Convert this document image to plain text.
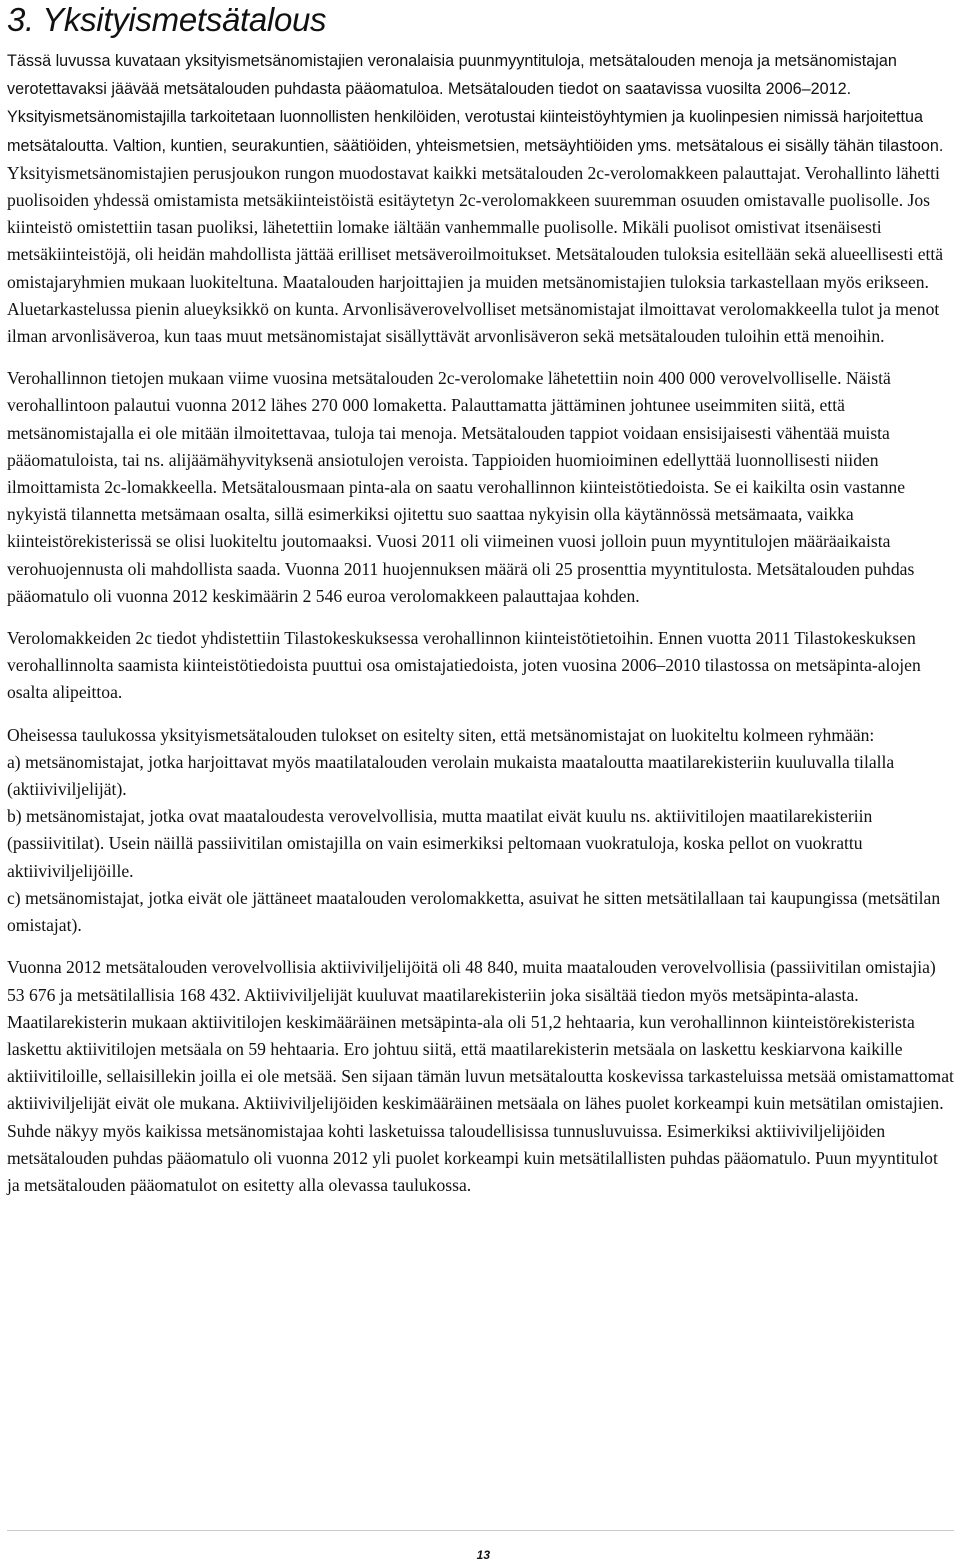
3. Yksityismetsätalous

Tässä luvussa kuvataan yksityismetsänomistajien veronalaisia puunmyyntituloja, metsätalouden menoja ja metsänomistajan verotettavaksi jäävää metsätalouden puhdasta pääomatuloa. Metsätalouden tiedot on saatavissa vuosilta 2006–2012. Yksityismetsänomistajilla tarkoitetaan luonnollisten henkilöiden, verotustai kiinteistöyhtymien ja kuolinpesien nimissä harjoitettua metsätaloutta. Valtion, kuntien, seurakuntien, säätiöiden, yhteismetsien, metsäyhtiöiden yms. metsätalous ei sisälly tähän tilastoon. Yksityismetsänomistajien perusjoukon rungon muodostavat kaikki metsätalouden 2c-verolomakkeen palauttajat. Verohallinto lähetti puolisoiden yhdessä omistamista metsäkiinteistöistä esitäytetyn 2c-verolomakkeen suuremman osuuden omistavalle puolisolle. Jos kiinteistö omistettiin tasan puoliksi, lähetettiin lomake iältään vanhemmalle puolisolle. Mikäli puolisot omistivat itsenäisesti metsäkiinteistöjä, oli heidän mahdollista jättää erilliset metsäveroilmoitukset. Metsätalouden tuloksia esitellään sekä alueellisesti että omistajaryhmien mukaan luokiteltuna. Maatalouden harjoittajien ja muiden metsänomistajien tuloksia tarkastellaan myös erikseen. Aluetarkastelussa pienin alueyksikkö on kunta. Arvonlisäverovelvolliset metsänomistajat ilmoittavat verolomakkeella tulot ja menot ilman arvonlisäveroa, kun taas muut metsänomistajat sisällyttävät arvonlisäveron sekä metsätalouden tuloihin että menoihin.

Verohallinnon tietojen mukaan viime vuosina metsätalouden 2c-verolomake lähetettiin noin 400 000 verovelvolliselle. Näistä verohallintoon palautui vuonna 2012 lähes 270 000 lomaketta. Palauttamatta jättäminen johtunee useimmiten siitä, että metsänomistajalla ei ole mitään ilmoitettavaa, tuloja tai menoja. Metsätalouden tappiot voidaan ensisijaisesti vähentää muista pääomatuloista, tai ns. alijäämähyvityksenä ansiotulojen veroista. Tappioiden huomioiminen edellyttää luonnollisesti niiden ilmoittamista 2c-lomakkeella. Metsätalousmaan pinta-ala on saatu verohallinnon kiinteistötiedoista. Se ei kaikilta osin vastanne nykyistä tilannetta metsämaan osalta, sillä esimerkiksi ojitettu suo saattaa nykyisin olla käytännössä metsämaata, vaikka kiinteistörekisterissä se olisi luokiteltu joutomaaksi. Vuosi 2011 oli viimeinen vuosi jolloin puun myyntitulojen määräaikaista verohuojennusta oli mahdollista saada. Vuonna 2011 huojennuksen määrä oli 25 prosenttia myyntitulosta. Metsätalouden puhdas pääomatulo oli vuonna 2012 keskimäärin 2 546 euroa verolomakkeen palauttajaa kohden.

Verolomakkeiden 2c tiedot yhdistettiin Tilastokeskuksessa verohallinnon kiinteistötietoihin. Ennen vuotta 2011 Tilastokeskuksen verohallinnolta saamista kiinteistötiedoista puuttui osa omistajatiedoista, joten vuosina 2006–2010 tilastossa on metsäpinta-alojen osalta alipeittoa.

Oheisessa taulukossa yksityismetsätalouden tulokset on esitelty siten, että metsänomistajat on luokiteltu kolmeen ryhmään:

a) metsänomistajat, jotka harjoittavat myös maatilatalouden verolain mukaista maataloutta maatilarekisteriin kuuluvalla tilalla (aktiiviviljelijät).

b) metsänomistajat, jotka ovat maataloudesta verovelvollisia, mutta maatilat eivät kuulu ns. aktiivitilojen maatilarekisteriin (passiivitilat). Usein näillä passiivitilan omistajilla on vain esimerkiksi peltomaan vuokratuloja, koska pellot on vuokrattu aktiiviviljelijöille.

c) metsänomistajat, jotka eivät ole jättäneet maatalouden verolomakketta, asuivat he sitten metsätilallaan tai kaupungissa (metsätilan omistajat).

Vuonna 2012 metsätalouden verovelvollisia aktiiviviljelijöitä oli 48 840, muita maatalouden verovelvollisia (passiivitilan omistajia) 53 676 ja metsätilallisia 168 432. Aktiiviviljelijät kuuluvat maatilarekisteriin joka sisältää tiedon myös metsäpinta-alasta. Maatilarekisterin mukaan aktiivitilojen keskimääräinen metsäpinta-ala oli 51,2 hehtaaria, kun verohallinnon kiinteistörekisterista laskettu aktiivitilojen metsäala on 59 hehtaaria. Ero johtuu siitä, että maatilarekisterin metsäala on laskettu keskiarvona kaikille aktiivitiloille, sellaisillekin joilla ei ole metsää. Sen sijaan tämän luvun metsätaloutta koskevissa tarkasteluissa metsää omistamattomat aktiiviviljelijät eivät ole mukana. Aktiiviviljelijöiden keskimääräinen metsäala on lähes puolet korkeampi kuin metsätilan omistajien. Suhde näkyy myös kaikissa metsänomistajaa kohti lasketuissa taloudellisissa tunnusluvuissa. Esimerkiksi aktiiviviljelijöiden metsätalouden puhdas pääomatulo oli vuonna 2012 yli puolet korkeampi kuin metsätilallisten puhdas pääomatulo. Puun myyntitulot ja metsätalouden pääomatulot on esitetty alla olevassa taulukossa.

13
